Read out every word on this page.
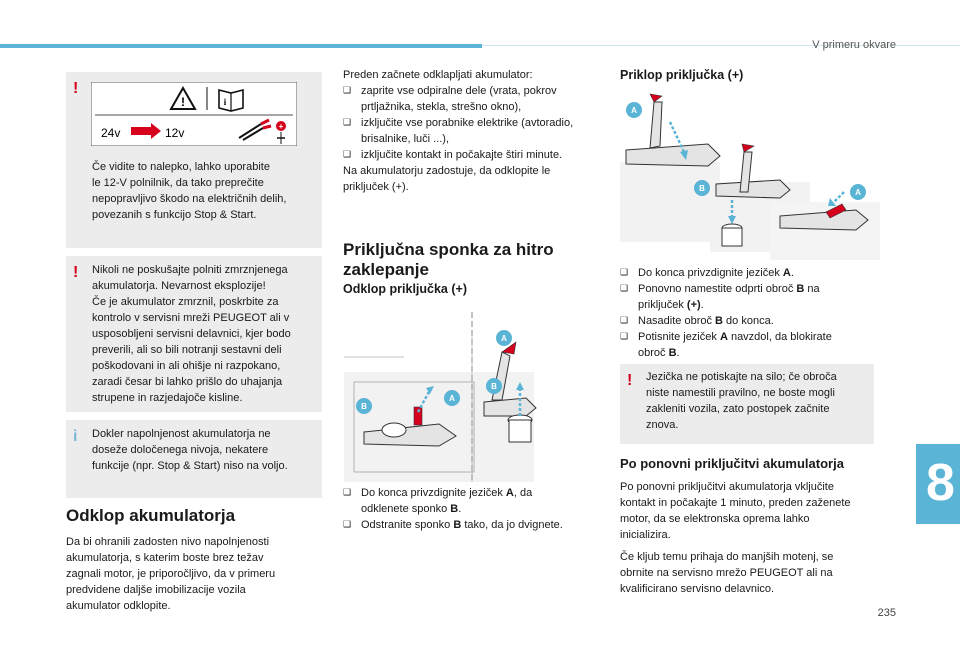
V primeru okvare
8
235
!
!	i
24v	12v	+

Če vidite to nalepko, lahko uporabite

le 12-V polnilnik, da tako preprečite

nepopravljivo škodo na električnih delih,

povezanih s funkcijo Stop & Start.

! Nikoli ne poskušajte polniti zmrznjenega

akumulatorja. Nevarnost eksplozije!

Če je akumulator zmrznil, poskrbite za

kontrolo v servisni mreži PEUGEOT ali v

usposobljeni servisni delavnici, kjer bodo

preverili, ali so bili notranji sestavni deli

poškodovani in ali ohišje ni razpokano,

zaradi česar bi lahko prišlo do uhajanja

strupene in razjedajoče kisline.

i Dokler napolnjenost akumulatorja ne

doseže določenega nivoja, nekatere

funkcije (npr. Stop & Start) niso na voljo.

Odklop akumulatorja

Da bi ohranili zadosten nivo napolnjenosti

akumulatorja, s katerim boste brez težav

zagnali motor, je priporočljivo, da v primeru

predvidene daljše imobilizacije vozila

akumulator odklopite.

Preden začnete odklapljati akumulator:

❑ zaprite vse odpiralne dele (vrata, pokrov
prtljažnika, stekla, strešno okno),
❑ izklјučite vse porabnike elektrike (avtoradio,
brisalnike, luči ...),
❑ izključite kontakt in počakajte štiri minute.

Na akumulatorju zadostuje, da odklopite le

priključek (+).

Priključna sponka za hitro
zaklepanje
Odklop priključka (+)
B
A
A
B
❑ Do konca privzdignite jeziček A, da
odklenete sponko B.
❑ Odstranite sponko B tako, da jo dvignete.
Priklop priključka (+)
A
B	A
❑ Do konca privzdignite jeziček A.
❑ Ponovno namestite odprti obroč B na
priključek (+).
❑ Nasadite obroč B do konca.
❑ Potisnite jeziček A navzdol, da blokirate
obroč B.
! Jezička ne potiskajte na silo; če obroča

niste namestili pravilno, ne boste mogli

zakleniti vozila, zato postopek začnite

znova.

Po ponovni priključitvi akumulatorja

Po ponovni priključitvi akumulatorja vključite

kontakt in počakajte 1 minuto, preden zaženete

motor, da se elektronska oprema lahko

inicializira.

Če kljub temu prihaja do manjših motenj, se

obrnite na servisno mrežo PEUGEOT ali na

kvalificirano servisno delavnico.
